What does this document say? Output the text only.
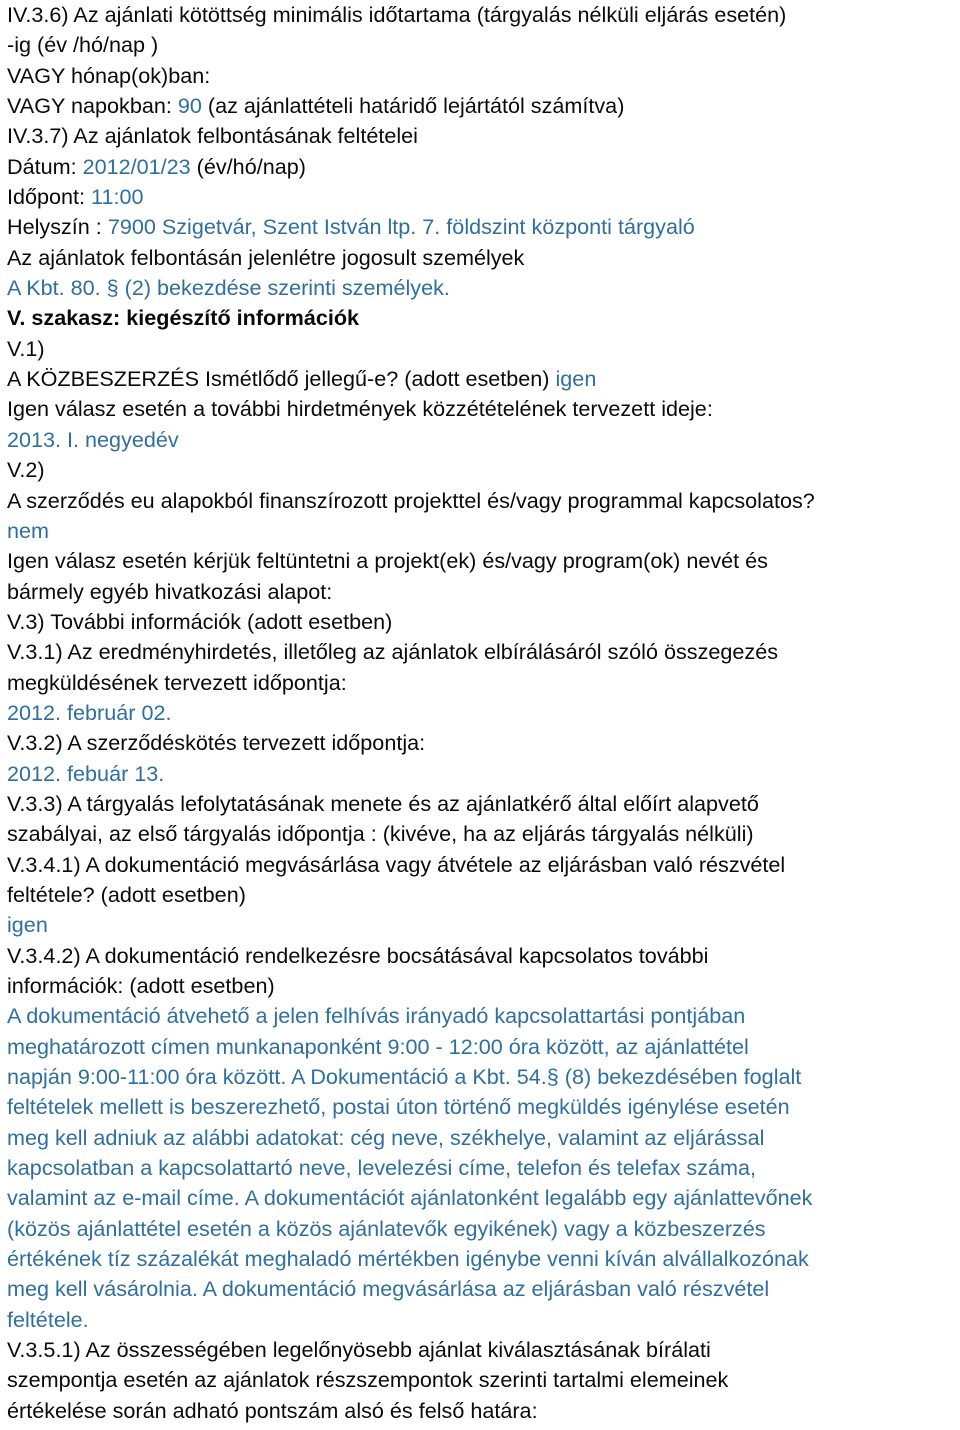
IV.3.6) Az ajánlati kötöttség minimális időtartama (tárgyalás nélküli eljárás esetén)
-ig (év /hó/nap )
VAGY hónap(ok)ban:
VAGY napokban: 90 (az ajánlattételi határidő lejártától számítva)
IV.3.7) Az ajánlatok felbontásának feltételei
Dátum: 2012/01/23 (év/hó/nap)
Időpont: 11:00
Helyszín : 7900 Szigetvár, Szent István ltp. 7. földszint központi tárgyaló
Az ajánlatok felbontásán jelenlétre jogosult személyek
A Kbt. 80. § (2) bekezdése szerinti személyek.
V. szakasz: kiegészítő információk
V.1)
A KÖZBESZERZÉS Ismétlődő jellegű-e? (adott esetben) igen
Igen válasz esetén a további hirdetmények közzétételének tervezett ideje:
2013. I. negyedév
V.2)
A szerződés eu alapokból finanszírozott projekttel és/vagy programmal kapcsolatos?
nem
Igen válasz esetén kérjük feltüntetni a projekt(ek) és/vagy program(ok) nevét és
bármely egyéb hivatkozási alapot:
V.3) További információk (adott esetben)
V.3.1) Az eredményhirdetés, illetőleg az ajánlatok elbírálásáról szóló összegezés
megküldésének tervezett időpontja:
2012. február 02.
V.3.2) A szerződéskötés tervezett időpontja:
2012. febuár 13.
V.3.3) A tárgyalás lefolytatásának menete és az ajánlatkérő által előírt alapvető
szabályai, az első tárgyalás időpontja : (kivéve, ha az eljárás tárgyalás nélküli)
V.3.4.1) A dokumentáció megvásárlása vagy átvétele az eljárásban való részvétel
feltétele? (adott esetben)
igen
V.3.4.2) A dokumentáció rendelkezésre bocsátásával kapcsolatos további
információk: (adott esetben)
A dokumentáció átvehető a jelen felhívás irányadó kapcsolattartási pontjában
meghatározott címen munkanaponként 9:00 - 12:00 óra között, az ajánlattétel
napján 9:00-11:00 óra között. A Dokumentáció a Kbt. 54.§ (8) bekezdésében foglalt
feltételek mellett is beszerezhető, postai úton történő megküldés igénylése esetén
meg kell adniuk az alábbi adatokat: cég neve, székhelye, valamint az eljárással
kapcsolatban a kapcsolattartó neve, levelezési címe, telefon és telefax száma,
valamint az e-mail címe. A dokumentációt ajánlatonként legalább egy ajánlattevőnek
(közös ajánlattétel esetén a közös ajánlatevők egyikének) vagy a közbeszerzés
értékének tíz százalékát meghaladó mértékben igénybe venni kíván alvállalkozónak
meg kell vásárolnia. A dokumentáció megvásárlása az eljárásban való részvétel
feltétele.
V.3.5.1) Az összességében legelőnyösebb ajánlat kiválasztásának bírálati
szempontja esetén az ajánlatok részszempontok szerinti tartalmi elemeinek
értékelése során adható pontszám alsó és felső határa:
